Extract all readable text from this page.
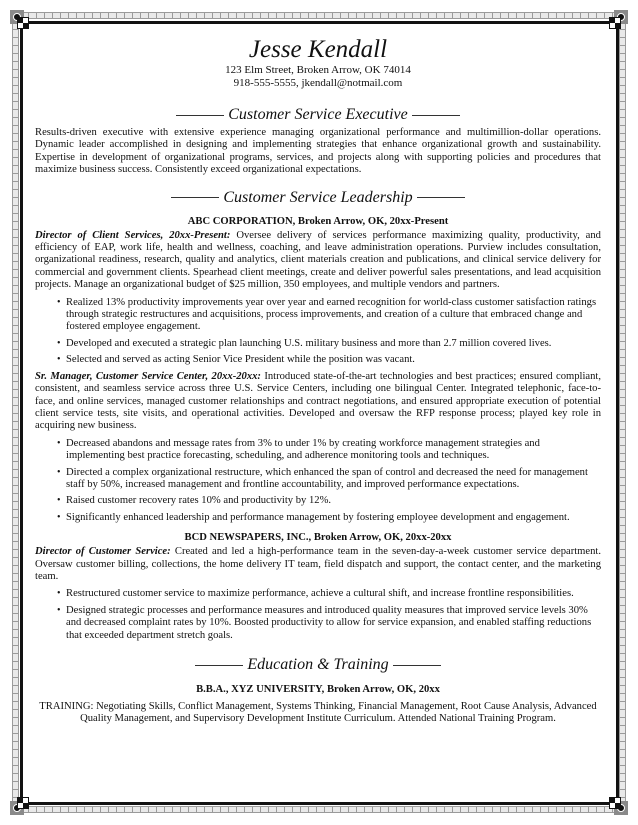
Jesse Kendall
123 Elm Street, Broken Arrow, OK 74014
918-555-5555, jkendall@notmail.com
Customer Service Executive

Results-driven executive with extensive experience managing organizational performance and multimillion-dollar operations. Dynamic leader accomplished in designing and implementing strategies that enhance organizational growth and sustainability. Expertise in development of organizational programs, services, and projects along with supporting policies and procedures that maximize business success. Consistently exceed organizational expectations.

Customer Service Leadership
ABC CORPORATION, Broken Arrow, OK, 20xx-Present

Director of Client Services, 20xx-Present: Oversee delivery of services performance maximizing quality, productivity, and efficiency of EAP, work life, health and wellness, coaching, and leave administration operations. Purview includes consultation, organizational readiness, research, quality and analytics, client materials creation and publications, and clinical service delivery for commercial and government clients. Spearhead client meetings, create and deliver powerful sales presentations, and lead acquisition projects. Manage an organizational budget of $25 million, 350 employees, and multiple vendors and partners.

• Realized 13% productivity improvements year over year and earned recognition for world-class customer satisfaction ratings through strategic restructures and acquisitions, process improvements, and creation of a culture that embraced change and fostered employee engagement.
• Developed and executed a strategic plan launching U.S. military business and more than 2.7 million covered lives.
• Selected and served as acting Senior Vice President while the position was vacant.

Sr. Manager, Customer Service Center, 20xx-20xx: Introduced state-of-the-art technologies and best practices; ensured compliant, consistent, and seamless service across three U.S. Service Centers, including one bilingual Center. Integrated telephonic, face-to-face, and online services, managed customer relationships and contract negotiations, and ensured appropriate execution of potential client service tests, site visits, and operational activities. Developed and oversaw the RFP response process; played key role in acquiring new business.

• Decreased abandons and message rates from 3% to under 1% by creating workforce management strategies and implementing best practice forecasting, scheduling, and adherence monitoring tools and techniques.
• Directed a complex organizational restructure, which enhanced the span of control and decreased the need for management staff by 50%, increased management and frontline accountability, and improved performance expectations.
• Raised customer recovery rates 10% and productivity by 12%.
• Significantly enhanced leadership and performance management by fostering employee development and engagement.
BCD NEWSPAPERS, INC., Broken Arrow, OK, 20xx-20xx

Director of Customer Service: Created and led a high-performance team in the seven-day-a-week customer service department. Oversaw customer billing, collections, the home delivery IT team, field dispatch and support, the contact center, and the marketing team.

• Restructured customer service to maximize performance, achieve a cultural shift, and increase frontline responsibilities.
• Designed strategic processes and performance measures and introduced quality measures that improved service levels 30% and decreased complaint rates by 10%. Boosted productivity to allow for service expansion, and enabled staffing reductions that exceeded department stretch goals.
Education & Training
B.B.A., XYZ UNIVERSITY, Broken Arrow, OK, 20xx

TRAINING: Negotiating Skills, Conflict Management, Systems Thinking, Financial Management, Root Cause Analysis, Advanced Quality Management, and Supervisory Development Institute Curriculum. Attended National Training Program.
